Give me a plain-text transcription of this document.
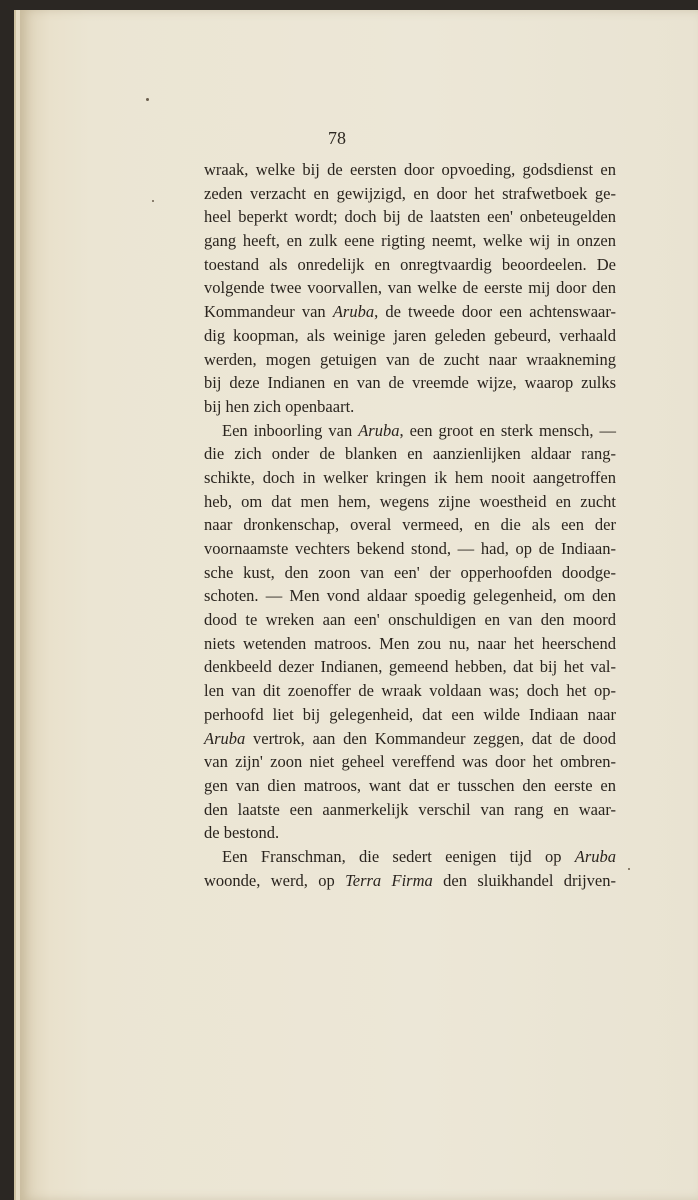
78
wraak, welke bij de eersten door opvoeding, godsdienst en
zeden verzacht en gewijzigd, en door het strafwetboek ge-
heel beperkt wordt; doch bij de laatsten een' onbeteugelden
gang heeft, en zulk eene rigting neemt, welke wij in onzen
toestand als onredelijk en onregtvaardig beoordeelen. De
volgende twee voorvallen, van welke de eerste mij door den
Kommandeur van Aruba, de tweede door een achtenswaar-
dig koopman, als weinige jaren geleden gebeurd, verhaald
werden, mogen getuigen van de zucht naar wraakneming
bij deze Indianen en van de vreemde wijze, waarop zulks
bij hen zich openbaart.
Een inboorling van Aruba, een groot en sterk mensch, —
die zich onder de blanken en aanzienlijken aldaar rang-
schikte, doch in welker kringen ik hem nooit aangetroffen
heb, om dat men hem, wegens zijne woestheid en zucht
naar dronkenschap, overal vermeed, en die als een der
voornaamste vechters bekend stond, — had, op de Indiaan-
sche kust, den zoon van een' der opperhoofden doodge-
schoten. — Men vond aldaar spoedig gelegenheid, om den
dood te wreken aan een' onschuldigen en van den moord
niets wetenden matroos. Men zou nu, naar het heerschend
denkbeeld dezer Indianen, gemeend hebben, dat bij het val-
len van dit zoenoffer de wraak voldaan was; doch het op-
perhoofd liet bij gelegenheid, dat een wilde Indiaan naar
Aruba vertrok, aan den Kommandeur zeggen, dat de dood
van zijn' zoon niet geheel vereffend was door het ombren-
gen van dien matroos, want dat er tusschen den eerste en
den laatste een aanmerkelijk verschil van rang en waar-
de bestond.
Een Franschman, die sedert eenigen tijd op Aruba
woonde, werd, op Terra Firma den sluikhandel drijven-
